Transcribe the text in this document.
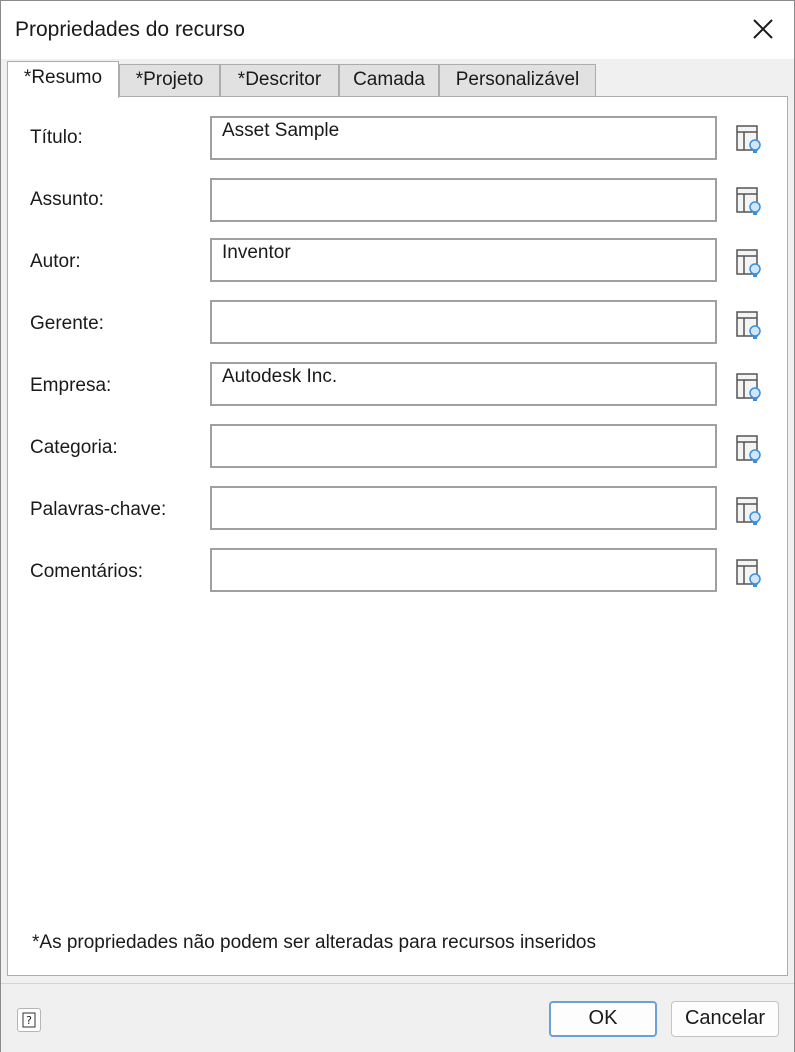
Propriedades do recurso
*Resumo	*Projeto	*Descritor	Camada	Personalizável
Título:	Asset Sample
Assunto:
Autor:	Inventor
Gerente:
Empresa:	Autodesk Inc.
Categoria:
Palavras-chave:
Comentários:
*As propriedades não podem ser alteradas para recursos inseridos
?	OK	Cancelar
